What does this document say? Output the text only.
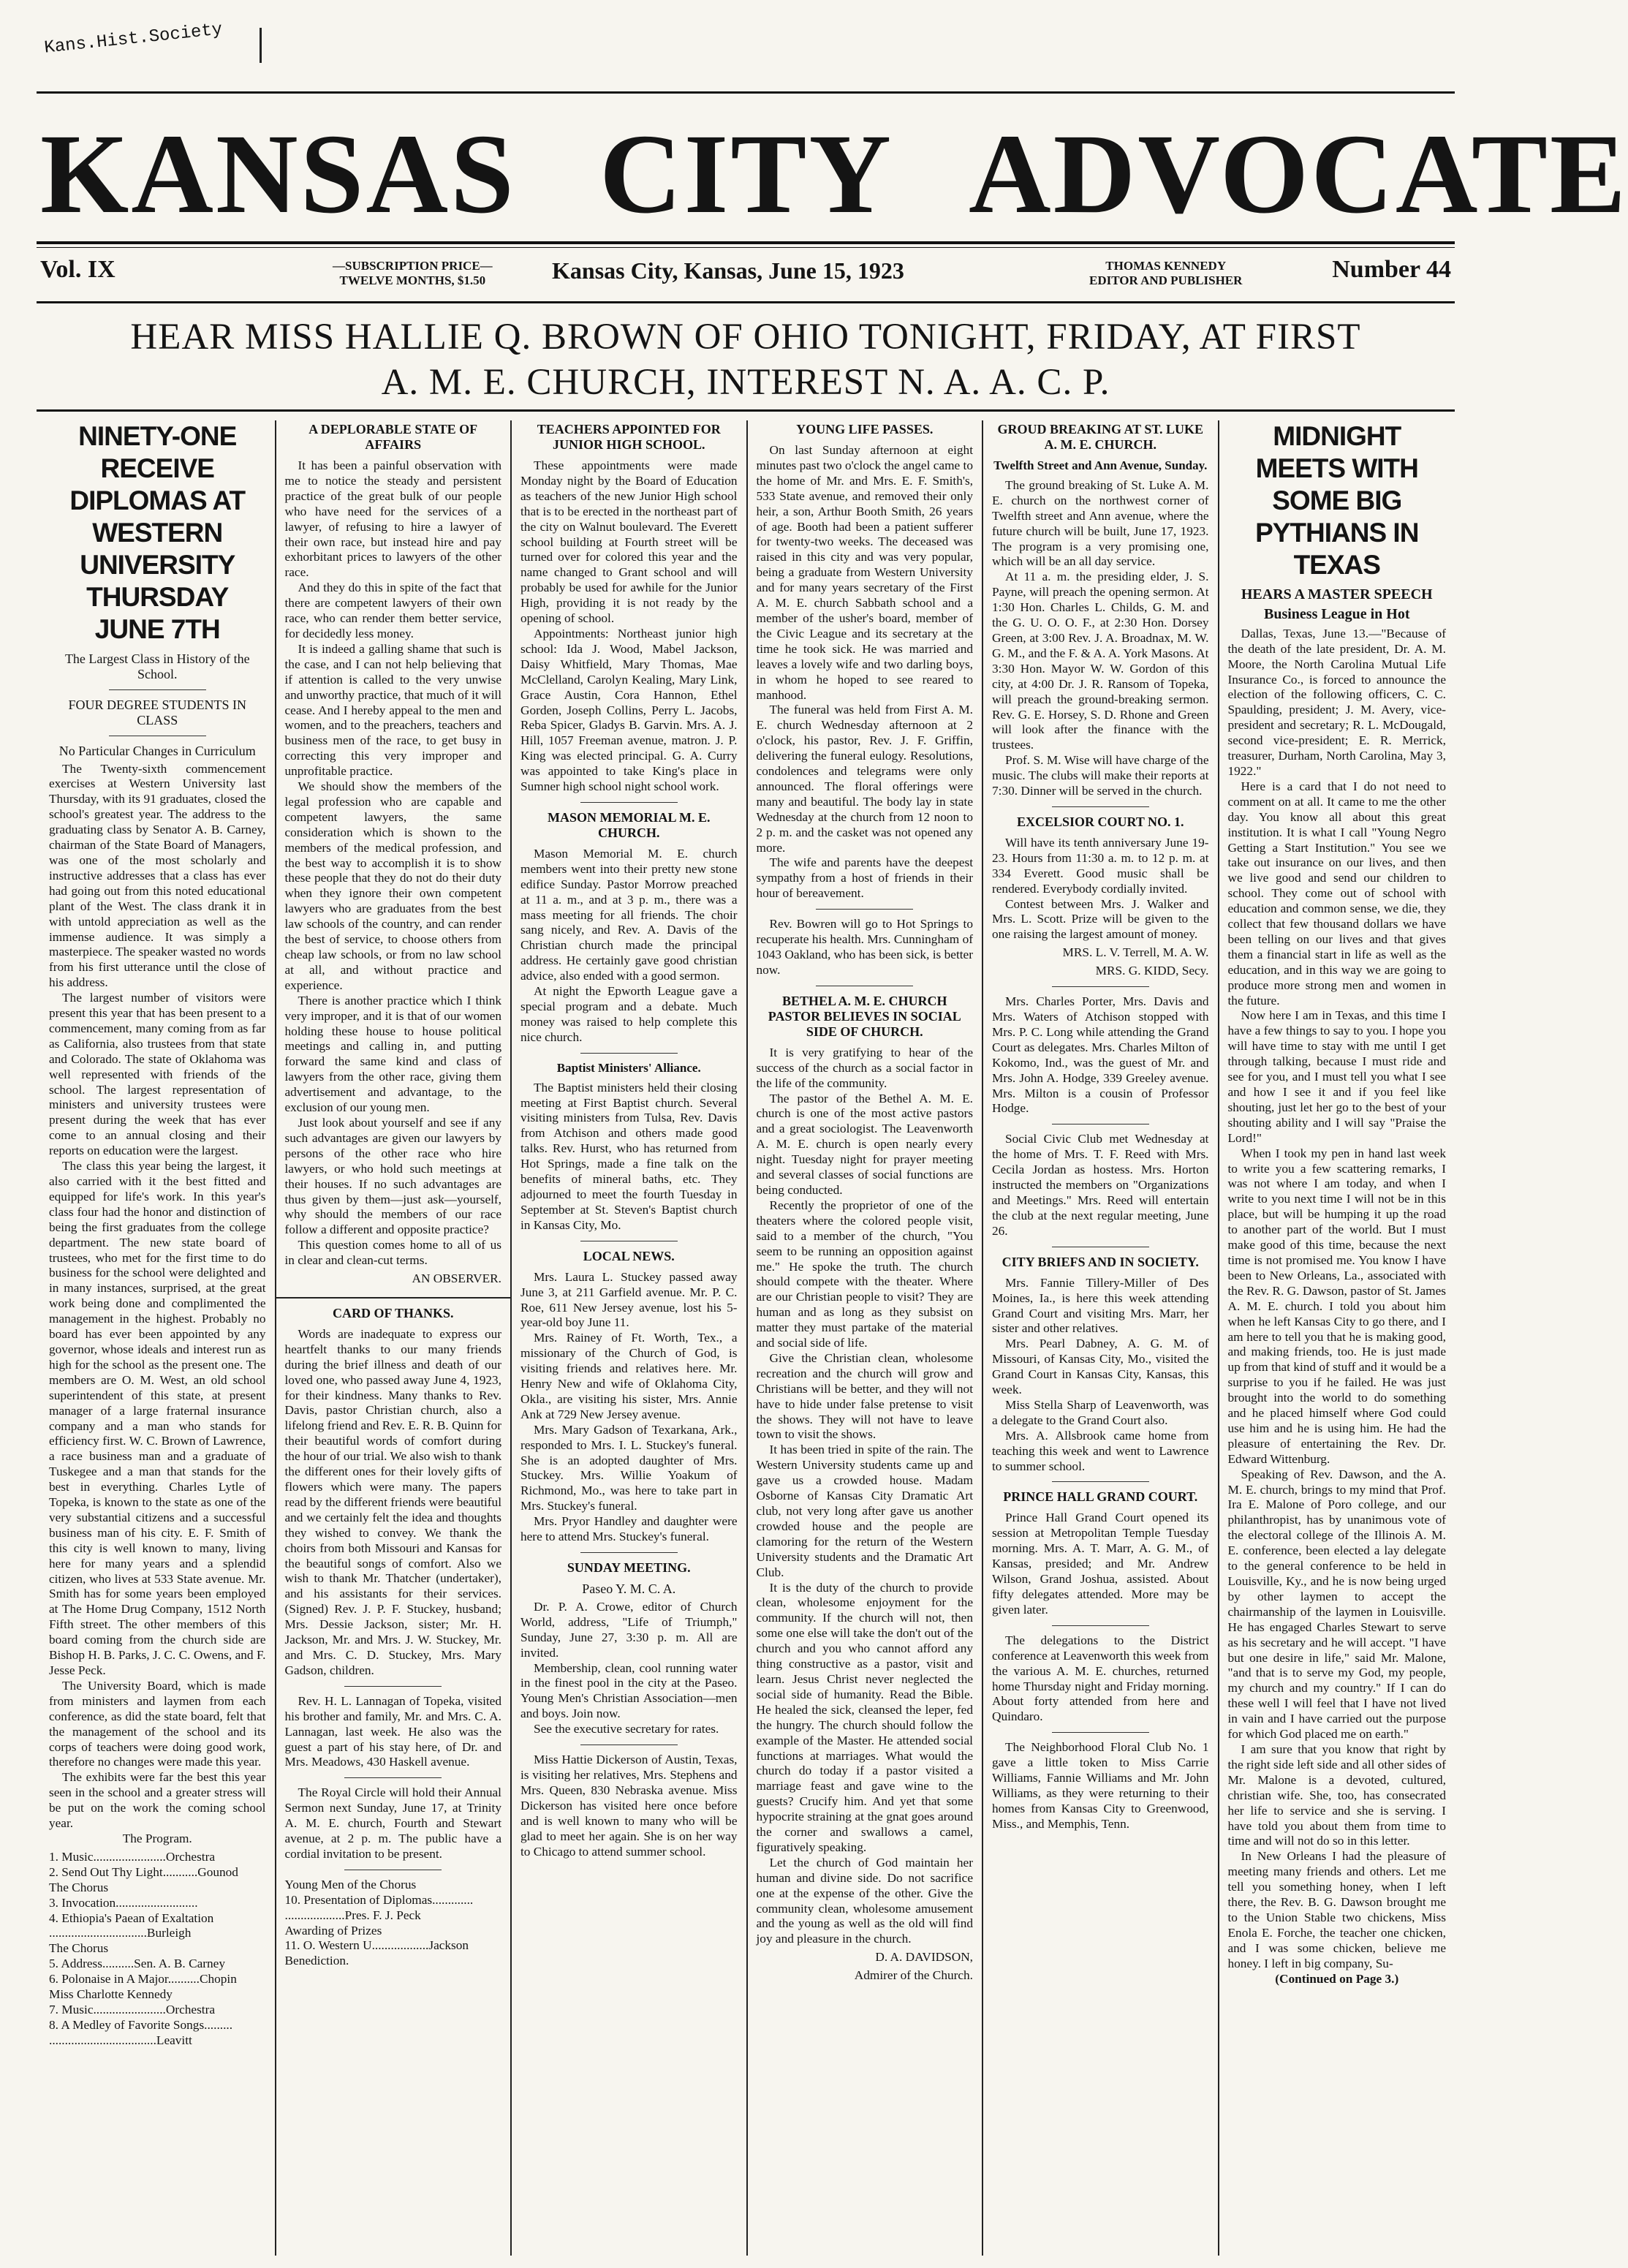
Kans.Hist.Society
KANSAS CITY ADVOCATE
Vol. IX	—SUBSCRIPTION PRICE—
TWELVE MONTHS, $1.50	Kansas City, Kansas, June 15, 1923	THOMAS KENNEDY
EDITOR AND PUBLISHER	Number 44
HEAR MISS HALLIE Q. BROWN OF OHIO TONIGHT, FRIDAY, AT FIRST
A. M. E. CHURCH, INTEREST N. A. A. C. P.
NINETY-ONE RECEIVE DIPLOMAS AT WESTERN UNIVERSITY THURSDAY JUNE 7TH
The Largest Class in History of the School.
FOUR DEGREE STUDENTS IN CLASS
No Particular Changes in Curriculum

The Twenty-sixth commencement exercises at Western University last Thursday, with its 91 graduates, closed the school's greatest year. The address to the graduating class by Senator A. B. Carney, chairman of the State Board of Managers, was one of the most scholarly and instructive addresses that a class has ever had going out from this noted educational plant of the West. The class drank it in with untold appreciation as well as the immense audience. It was simply a masterpiece. The speaker wasted no words from his first utterance until the close of his address.

The largest number of visitors were present this year that has been present to a commencement, many coming from as far as California, also trustees from that state and Colorado. The state of Oklahoma was well represented with friends of the school. The largest representation of ministers and university trustees were present during the week that has ever come to an annual closing and their reports on education were the largest.

The class this year being the largest, it also carried with it the best fitted and equipped for life's work. In this year's class four had the honor and distinction of being the first graduates from the college department. The new state board of trustees, who met for the first time to do business for the school were delighted and in many instances, surprised, at the great work being done and complimented the management in the highest. Probably no board has ever been appointed by any governor, whose ideals and interest run as high for the school as the present one. The members are O. M. West, an old school superintendent of this state, at present manager of a large fraternal insurance company and a man who stands for efficiency first. W. C. Brown of Lawrence, a race business man and a graduate of Tuskegee and a man that stands for the best in everything. Charles Lytle of Topeka, is known to the state as one of the very substantial citizens and a successful business man of his city. E. F. Smith of this city is well known to many, living here for many years and a splendid citizen, who lives at 533 State avenue. Mr. Smith has for some years been employed at The Home Drug Company, 1512 North Fifth street. The other members of this board coming from the church side are Bishop H. B. Parks, J. C. C. Owens, and F. Jesse Peck.

The University Board, which is made from ministers and laymen from each conference, as did the state board, felt that the management of the school and its corps of teachers were doing good work, therefore no changes were made this year.

The exhibits were far the best this year seen in the school and a greater stress will be put on the work the coming school year.

The Program.
1. Music.......................Orchestra
2. Send Out Thy Light...........Gounod
The Chorus
3. Invocation..........................
4. Ethiopia's Paean of Exaltation
...............................Burleigh
The Chorus
5. Address..........Sen. A. B. Carney
6. Polonaise in A Major..........Chopin
Miss Charlotte Kennedy
7. Music.......................Orchestra
8. A Medley of Favorite Songs.........
..................................Leavitt
A DEPLORABLE STATE OF AFFAIRS

It has been a painful observation with me to notice the steady and persistent practice of the great bulk of our people who have need for the services of a lawyer, of refusing to hire a lawyer of their own race, but instead hire and pay exhorbitant prices to lawyers of the other race.

And they do this in spite of the fact that there are competent lawyers of their own race, who can render them better service, for decidedly less money.

It is indeed a galling shame that such is the case, and I can not help believing that if attention is called to the very unwise and unworthy practice, that much of it will cease. And I hereby appeal to the men and women, and to the preachers, teachers and business men of the race, to get busy in correcting this very improper and unprofitable practice.

We should show the members of the legal profession who are capable and competent lawyers, the same consideration which is shown to the members of the medical profession, and the best way to accomplish it is to show these people that they do not do their duty when they ignore their own competent lawyers who are graduates from the best law schools of the country, and can render the best of service, to choose others from cheap law schools, or from no law school at all, and without practice and experience.

There is another practice which I think very improper, and it is that of our women holding these house to house political meetings and calling in, and putting forward the same kind and class of lawyers from the other race, giving them advertisement and advantage, to the exclusion of our young men.

Just look about yourself and see if any such advantages are given our lawyers by persons of the other race who hire lawyers, or who hold such meetings at their houses. If no such advantages are thus given by them—just ask—yourself, why should the members of our race follow a different and opposite practice?

This question comes home to all of us in clear and clean-cut terms.

AN OBSERVER.
CARD OF THANKS.

Words are inadequate to express our heartfelt thanks to our many friends during the brief illness and death of our loved one, who passed away June 4, 1923, for their kindness. Many thanks to Rev. Davis, pastor Christian church, also a lifelong friend and Rev. E. R. B. Quinn for their beautiful words of comfort during the hour of our trial. We also wish to thank the different ones for their lovely gifts of flowers which were many. The papers read by the different friends were beautiful and we certainly felt the idea and thoughts they wished to convey. We thank the choirs from both Missouri and Kansas for the beautiful songs of comfort. Also we wish to thank Mr. Thatcher (undertaker), and his assistants for their services. (Signed) Rev. J. P. F. Stuckey, husband; Mrs. Dessie Jackson, sister; Mr. H. Jackson, Mr. and Mrs. J. W. Stuckey, Mr. and Mrs. C. D. Stuckey, Mrs. Mary Gadson, children.

Rev. H. L. Lannagan of Topeka, visited his brother and family, Mr. and Mrs. C. A. Lannagan, last week. He also was the guest a part of his stay here, of Dr. and Mrs. Meadows, 430 Haskell avenue.

The Royal Circle will hold their Annual Sermon next Sunday, June 17, at Trinity A. M. E. church, Fourth and Stewart avenue, at 2 p. m. The public have a cordial invitation to be present.

Young Men of the Chorus
10. Presentation of Diplomas.............
...................Pres. F. J. Peck
Awarding of Prizes
11. O. Western U..................Jackson
Benediction.
TEACHERS APPOINTED FOR JUNIOR HIGH SCHOOL.

These appointments were made Monday night by the Board of Education as teachers of the new Junior High school that is to be erected in the northeast part of the city on Walnut boulevard. The Everett school building at Fourth street will be turned over for colored this year and the name changed to Grant school and will probably be used for awhile for the Junior High, providing it is not ready by the opening of school.

Appointments: Northeast junior high school: Ida J. Wood, Mabel Jackson, Daisy Whitfield, Mary Thomas, Mae McClelland, Carolyn Kealing, Mary Link, Grace Austin, Cora Hannon, Ethel Gorden, Joseph Collins, Perry L. Jacobs, Reba Spicer, Gladys B. Garvin. Mrs. A. J. Hill, 1057 Freeman avenue, matron. J. P. King was elected principal. G. A. Curry was appointed to take King's place in Sumner high school night school work.

MASON MEMORIAL M. E. CHURCH.

Mason Memorial M. E. church members went into their pretty new stone edifice Sunday. Pastor Morrow preached at 11 a. m., and at 3 p. m., there was a mass meeting for all friends. The choir sang nicely, and Rev. A. Davis of the Christian church made the principal address. He certainly gave good christian advice, also ended with a good sermon.

At night the Epworth League gave a special program and a debate. Much money was raised to help complete this nice church.

Baptist Ministers' Alliance.

The Baptist ministers held their closing meeting at First Baptist church. Several visiting ministers from Tulsa, Rev. Davis from Atchison and others made good talks. Rev. Hurst, who has returned from Hot Springs, made a fine talk on the benefits of mineral baths, etc. They adjourned to meet the fourth Tuesday in September at St. Steven's Baptist church in Kansas City, Mo.

LOCAL NEWS.

Mrs. Laura L. Stuckey passed away June 3, at 211 Garfield avenue. Mr. P. C. Roe, 611 New Jersey avenue, lost his 5-year-old boy June 11.

Mrs. Rainey of Ft. Worth, Tex., a missionary of the Church of God, is visiting friends and relatives here. Mr. Henry New and wife of Oklahoma City, Okla., are visiting his sister, Mrs. Annie Ank at 729 New Jersey avenue.

Mrs. Mary Gadson of Texarkana, Ark., responded to Mrs. I. L. Stuckey's funeral. She is an adopted daughter of Mrs. Stuckey. Mrs. Willie Yoakum of Richmond, Mo., was here to take part in Mrs. Stuckey's funeral.

Mrs. Pryor Handley and daughter were here to attend Mrs. Stuckey's funeral.

SUNDAY MEETING.
Paseo Y. M. C. A.

Dr. P. A. Crowe, editor of Church World, address, "Life of Triumph," Sunday, June 27, 3:30 p. m. All are invited.

Membership, clean, cool running water in the finest pool in the city at the Paseo. Young Men's Christian Association—men and boys. Join now.

See the executive secretary for rates.

Miss Hattie Dickerson of Austin, Texas, is visiting her relatives, Mrs. Stephens and Mrs. Queen, 830 Nebraska avenue. Miss Dickerson has visited here once before and is well known to many who will be glad to meet her again. She is on her way to Chicago to attend summer school.

YOUNG LIFE PASSES.

On last Sunday afternoon at eight minutes past two o'clock the angel came to the home of Mr. and Mrs. E. F. Smith's, 533 State avenue, and removed their only heir, a son, Arthur Booth Smith, 26 years of age. Booth had been a patient sufferer for twenty-two weeks. The deceased was raised in this city and was very popular, being a graduate from Western University and for many years secretary of the First A. M. E. church Sabbath school and a member of the usher's board, member of the Civic League and its secretary at the time he took sick. He was married and leaves a lovely wife and two darling boys, in whom he hoped to see reared to manhood.

The funeral was held from First A. M. E. church Wednesday afternoon at 2 o'clock, his pastor, Rev. J. F. Griffin, delivering the funeral eulogy. Resolutions, condolences and telegrams were only announced. The floral offerings were many and beautiful. The body lay in state Wednesday at the church from 12 noon to 2 p. m. and the casket was not opened any more.

The wife and parents have the deepest sympathy from a host of friends in their hour of bereavement.

Rev. Bowren will go to Hot Springs to recuperate his health. Mrs. Cunningham of 1043 Oakland, who has been sick, is better now.

BETHEL A. M. E. CHURCH PASTOR BELIEVES IN SOCIAL SIDE OF CHURCH.

It is very gratifying to hear of the success of the church as a social factor in the life of the community.

The pastor of the Bethel A. M. E. church is one of the most active pastors and a great sociologist. The Leavenworth A. M. E. church is open nearly every night. Tuesday night for prayer meeting and several classes of social functions are being conducted.

Recently the proprietor of one of the theaters where the colored people visit, said to a member of the church, "You seem to be running an opposition against me." He spoke the truth. The church should compete with the theater. Where are our Christian people to visit? They are human and as long as they subsist on matter they must partake of the material and social side of life.

Give the Christian clean, wholesome recreation and the church will grow and Christians will be better, and they will not have to hide under false pretense to visit the shows. They will not have to leave town to visit the shows.

It has been tried in spite of the rain. The Western University students came up and gave us a crowded house. Madam Osborne of Kansas City Dramatic Art club, not very long after gave us another crowded house and the people are clamoring for the return of the Western University students and the Dramatic Art Club.

It is the duty of the church to provide clean, wholesome enjoyment for the community. If the church will not, then some one else will take the don't out of the church and you who cannot afford any thing constructive as a pastor, visit and learn. Jesus Christ never neglected the social side of humanity. Read the Bible. He healed the sick, cleansed the leper, fed the hungry. The church should follow the example of the Master. He attended social functions at marriages. What would the church do today if a pastor visited a marriage feast and gave wine to the guests? Crucify him. And yet that some hypocrite straining at the gnat goes around the corner and swallows a camel, figuratively speaking.

Let the church of God maintain her human and divine side. Do not sacrifice one at the expense of the other. Give the community clean, wholesome amusement and the young as well as the old will find joy and pleasure in the church.

D. A. DAVIDSON,
Admirer of the Church.
GROUD BREAKING AT ST. LUKE A. M. E. CHURCH.
Twelfth Street and Ann Avenue, Sunday.

The ground breaking of St. Luke A. M. E. church on the northwest corner of Twelfth street and Ann avenue, where the future church will be built, June 17, 1923. The program is a very promising one, which will be an all day service.

At 11 a. m. the presiding elder, J. S. Payne, will preach the opening sermon. At 1:30 Hon. Charles L. Childs, G. M. and the G. U. O. O. F., at 2:30 Hon. Dorsey Green, at 3:00 Rev. J. A. Broadnax, M. W. G. M., and the F. & A. A. York Masons. At 3:30 Hon. Mayor W. W. Gordon of this city, at 4:00 Dr. J. R. Ransom of Topeka, will preach the ground-breaking sermon. Rev. G. E. Horsey, S. D. Rhone and Green will look after the finance with the trustees.

Prof. S. M. Wise will have charge of the music. The clubs will make their reports at 7:30. Dinner will be served in the church.

EXCELSIOR COURT NO. 1.

Will have its tenth anniversary June 19-23. Hours from 11:30 a. m. to 12 p. m. at 334 Everett. Good music shall be rendered. Everybody cordially invited.

Contest between Mrs. J. Walker and Mrs. L. Scott. Prize will be given to the one raising the largest amount of money.

MRS. L. V. Terrell, M. A. W.
MRS. G. KIDD, Secy.

Mrs. Charles Porter, Mrs. Davis and Mrs. Waters of Atchison stopped with Mrs. P. C. Long while attending the Grand Court as delegates. Mrs. Charles Milton of Kokomo, Ind., was the guest of Mr. and Mrs. John A. Hodge, 339 Greeley avenue. Mrs. Milton is a cousin of Professor Hodge.

Social Civic Club met Wednesday at the home of Mrs. T. F. Reed with Mrs. Cecila Jordan as hostess. Mrs. Horton instructed the members on "Organizations and Meetings." Mrs. Reed will entertain the club at the next regular meeting, June 26.

CITY BRIEFS AND IN SOCIETY.

Mrs. Fannie Tillery-Miller of Des Moines, Ia., is here this week attending Grand Court and visiting Mrs. Marr, her sister and other relatives.

Mrs. Pearl Dabney, A. G. M. of Missouri, of Kansas City, Mo., visited the Grand Court in Kansas City, Kansas, this week.

Miss Stella Sharp of Leavenworth, was a delegate to the Grand Court also.

Mrs. A. Allsbrook came home from teaching this week and went to Lawrence to summer school.

PRINCE HALL GRAND COURT.

Prince Hall Grand Court opened its session at Metropolitan Temple Tuesday morning. Mrs. A. T. Marr, A. G. M., of Kansas, presided; and Mr. Andrew Wilson, Grand Joshua, assisted. About fifty delegates attended. More may be given later.

The delegations to the District conference at Leavenworth this week from the various A. M. E. churches, returned home Thursday night and Friday morning. About forty attended from here and Quindaro.

The Neighborhood Floral Club No. 1 gave a little token to Miss Carrie Williams, Fannie Williams and Mr. John Williams, as they were returning to their homes from Kansas City to Greenwood, Miss., and Memphis, Tenn.

MIDNIGHT MEETS WITH SOME BIG PYTHIANS IN TEXAS
HEARS A MASTER SPEECH
Business League in Hot

Dallas, Texas, June 13.—"Because of the death of the late president, Dr. A. M. Moore, the North Carolina Mutual Life Insurance Co., is forced to announce the election of the following officers, C. C. Spaulding, president; J. M. Avery, vice-president and secretary; R. L. McDougald, second vice-president; E. R. Merrick, treasurer, Durham, North Carolina, May 3, 1922."

Here is a card that I do not need to comment on at all. It came to me the other day. You know all about this great institution. It is what I call "Young Negro Getting a Start Institution." You see we take out insurance on our lives, and then we live good and send our children to school. They come out of school with education and common sense, we die, they collect that few thousand dollars we have been telling on our lives and that gives them a financial start in life as well as the education, and in this way we are going to produce more strong men and women in the future.

Now here I am in Texas, and this time I have a few things to say to you. I hope you will have time to stay with me until I get through talking, because I must ride and see for you, and I must tell you what I see and how I see it and if you feel like shouting, just let her go to the best of your shouting ability and I will say "Praise the Lord!"

When I took my pen in hand last week to write you a few scattering remarks, I was not where I am today, and when I write to you next time I will not be in this place, but will be humping it up the road to another part of the world. But I must make good of this time, because the next time is not promised me. You know I have been to New Orleans, La., associated with the Rev. R. G. Dawson, pastor of St. James A. M. E. church. I told you about him when he left Kansas City to go there, and I am here to tell you that he is making good, and making friends, too. He is just made up from that kind of stuff and it would be a surprise to you if he failed. He was just brought into the world to do something and he placed himself where God could use him and he is using him. He had the pleasure of entertaining the Rev. Dr. Edward Wittenburg.

Speaking of Rev. Dawson, and the A. M. E. church, brings to my mind that Prof. Ira E. Malone of Poro college, and our philanthropist, has by unanimous vote of the electoral college of the Illinois A. M. E. conference, been elected a lay delegate to the general conference to be held in Louisville, Ky., and he is now being urged by other laymen to accept the chairmanship of the laymen in Louisville. He has engaged Charles Stewart to serve as his secretary and he will accept. "I have but one desire in life," said Mr. Malone, "and that is to serve my God, my people, my church and my country." If I can do these well I will feel that I have not lived in vain and I have carried out the purpose for which God placed me on earth."

I am sure that you know that right by the right side left side and all other sides of Mr. Malone is a devoted, cultured, christian wife. She, too, has consecrated her life to service and she is serving. I have told you about them from time to time and will not do so in this letter.

In New Orleans I had the pleasure of meeting many friends and others. Let me tell you something honey, when I left there, the Rev. B. G. Dawson brought me to the Union Stable two chickens, Miss Enola E. Forche, the teacher one chicken, and I was some chicken, believe me honey. I left in big company, Su-

(Continued on Page 3.)
